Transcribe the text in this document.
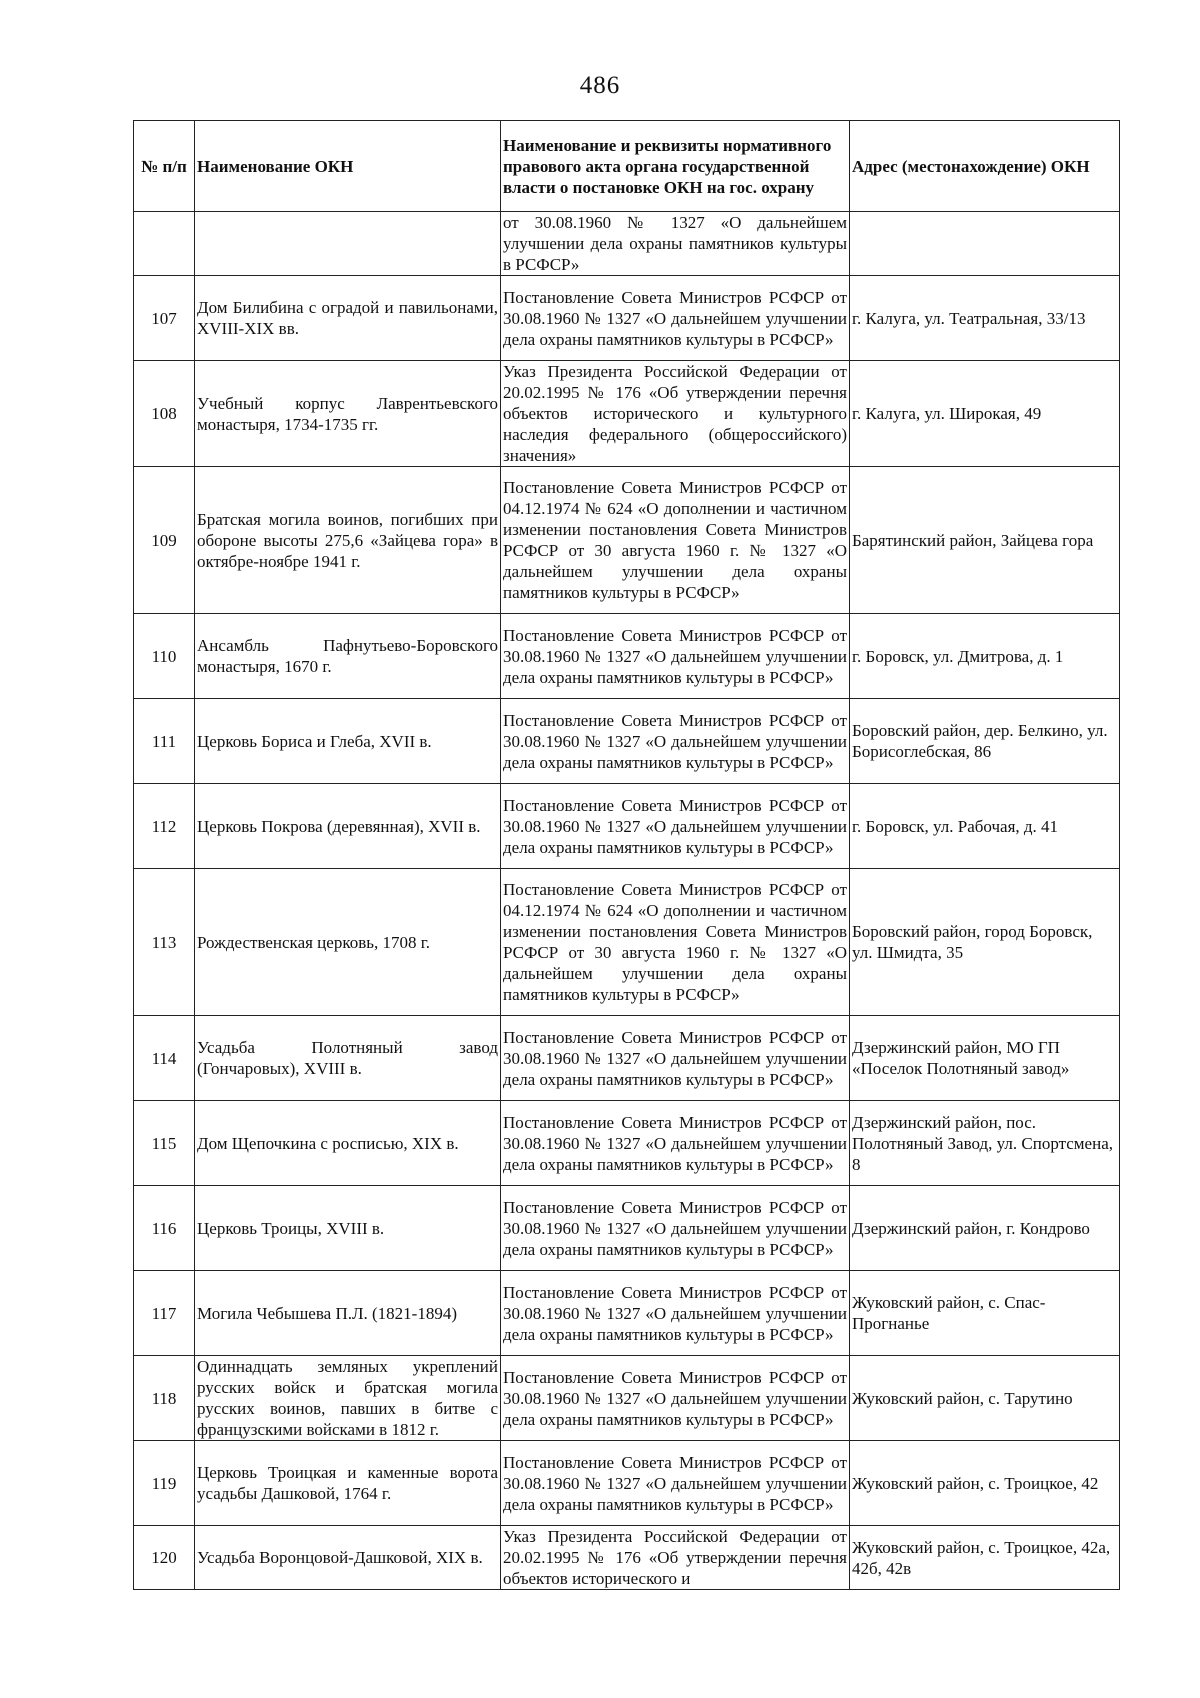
486
№ п/п	Наименование ОКН	Наименование и реквизиты нормативного правового акта органа государственной власти о постановке ОКН на гос. охрану	Адрес (местонахождение) ОКН
		от 30.08.1960 № 1327 «О дальнейшем улучшении дела охраны памятников культуры в РСФСР»	
107	Дом Билибина с оградой и павильонами, XVIII-XIX вв.	Постановление Совета Министров РСФСР от 30.08.1960 № 1327 «О дальнейшем улучшении дела охраны памятников культуры в РСФСР»	г. Калуга, ул. Театральная, 33/13
108	Учебный корпус Лаврентьевского монастыря, 1734-1735 гг.	Указ Президента Российской Федерации от 20.02.1995 № 176 «Об утверждении перечня объектов исторического и культурного наследия федерального (общероссийского) значения»	г. Калуга, ул. Широкая, 49
109	Братская могила воинов, погибших при обороне высоты 275,6 «Зайцева гора» в октябре-ноябре 1941 г.	Постановление Совета Министров РСФСР от 04.12.1974 № 624 «О дополнении и частичном изменении постановления Совета Министров РСФСР от 30 августа 1960 г. № 1327 «О дальнейшем улучшении дела охраны памятников культуры в РСФСР»	Барятинский район, Зайцева гора
110	Ансамбль Пафнутьево-Боровского монастыря, 1670 г.	Постановление Совета Министров РСФСР от 30.08.1960 № 1327 «О дальнейшем улучшении дела охраны памятников культуры в РСФСР»	г. Боровск, ул. Дмитрова, д. 1
111	Церковь Бориса и Глеба, XVII в.	Постановление Совета Министров РСФСР от 30.08.1960 № 1327 «О дальнейшем улучшении дела охраны памятников культуры в РСФСР»	Боровский район, дер. Белкино, ул. Борисоглебская, 86
112	Церковь Покрова (деревянная), XVII в.	Постановление Совета Министров РСФСР от 30.08.1960 № 1327 «О дальнейшем улучшении дела охраны памятников культуры в РСФСР»	г. Боровск, ул. Рабочая, д. 41
113	Рождественская церковь, 1708 г.	Постановление Совета Министров РСФСР от 04.12.1974 № 624 «О дополнении и частичном изменении постановления Совета Министров РСФСР от 30 августа 1960 г. № 1327 «О дальнейшем улучшении дела охраны памятников культуры в РСФСР»	Боровский район, город Боровск, ул. Шмидта, 35
114	Усадьба Полотняный завод (Гончаровых), XVIII в.	Постановление Совета Министров РСФСР от 30.08.1960 № 1327 «О дальнейшем улучшении дела охраны памятников культуры в РСФСР»	Дзержинский район, МО ГП «Поселок Полотняный завод»
115	Дом Щепочкина с росписью, XIX в.	Постановление Совета Министров РСФСР от 30.08.1960 № 1327 «О дальнейшем улучшении дела охраны памятников культуры в РСФСР»	Дзержинский район, пос. Полотняный Завод, ул. Спортсмена, 8
116	Церковь Троицы, XVIII в.	Постановление Совета Министров РСФСР от 30.08.1960 № 1327 «О дальнейшем улучшении дела охраны памятников культуры в РСФСР»	Дзержинский район, г. Кондрово
117	Могила Чебышева П.Л. (1821-1894)	Постановление Совета Министров РСФСР от 30.08.1960 № 1327 «О дальнейшем улучшении дела охраны памятников культуры в РСФСР»	Жуковский район, с. Спас-Прогнанье
118	Одиннадцать земляных укреплений русских войск и братская могила русских воинов, павших в битве с французскими войсками в 1812 г.	Постановление Совета Министров РСФСР от 30.08.1960 № 1327 «О дальнейшем улучшении дела охраны памятников культуры в РСФСР»	Жуковский район, с. Тарутино
119	Церковь Троицкая и каменные ворота усадьбы Дашковой, 1764 г.	Постановление Совета Министров РСФСР от 30.08.1960 № 1327 «О дальнейшем улучшении дела охраны памятников культуры в РСФСР»	Жуковский район, с. Троицкое, 42
120	Усадьба Воронцовой-Дашковой, XIX в.	Указ Президента Российской Федерации от 20.02.1995 № 176 «Об утверждении перечня объектов исторического и	Жуковский район, с. Троицкое, 42а, 42б, 42в
